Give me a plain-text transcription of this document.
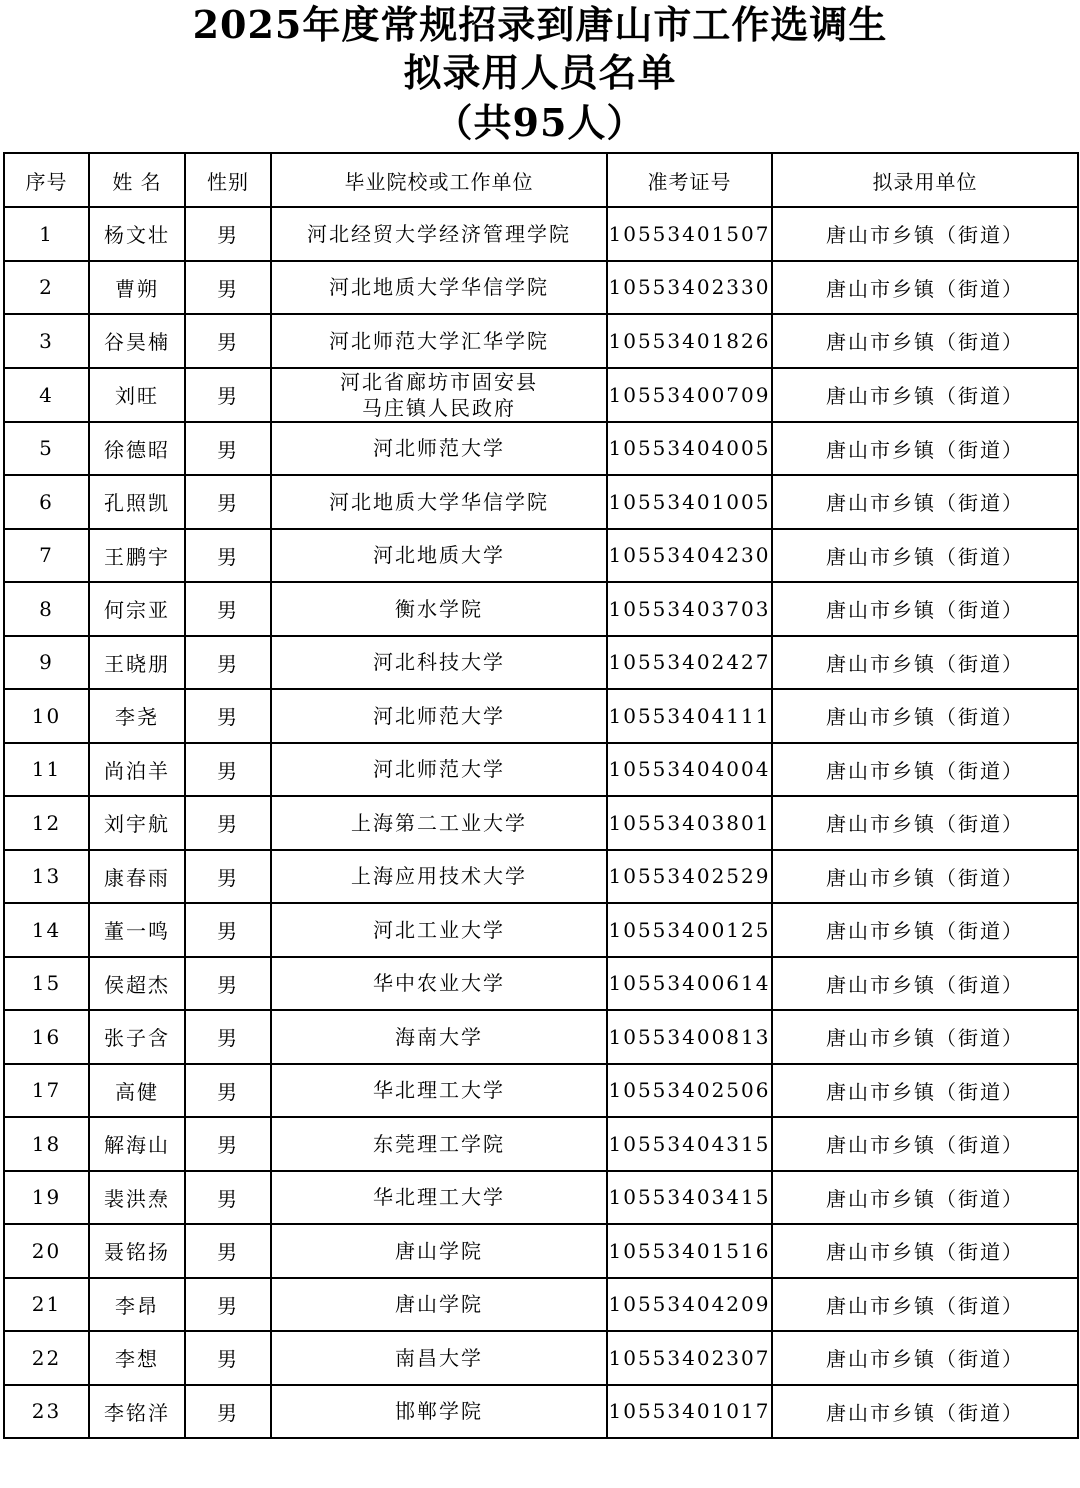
2025年度常规招录到唐山市工作选调生
拟录用人员名单
（共95人）
序号	姓 名	性别	毕业院校或工作单位	准考证号	拟录用单位
1	杨文壮	男	河北经贸大学经济管理学院	10553401507	唐山市乡镇（街道）
2	曹朔	男	河北地质大学华信学院	10553402330	唐山市乡镇（街道）
3	谷昊楠	男	河北师范大学汇华学院	10553401826	唐山市乡镇（街道）
4	刘旺	男	河北省廊坊市固安县
马庄镇人民政府	10553400709	唐山市乡镇（街道）
5	徐德昭	男	河北师范大学	10553404005	唐山市乡镇（街道）
6	孔照凯	男	河北地质大学华信学院	10553401005	唐山市乡镇（街道）
7	王鹏宇	男	河北地质大学	10553404230	唐山市乡镇（街道）
8	何宗亚	男	衡水学院	10553403703	唐山市乡镇（街道）
9	王晓朋	男	河北科技大学	10553402427	唐山市乡镇（街道）
10	李尧	男	河北师范大学	10553404111	唐山市乡镇（街道）
11	尚泊羊	男	河北师范大学	10553404004	唐山市乡镇（街道）
12	刘宇航	男	上海第二工业大学	10553403801	唐山市乡镇（街道）
13	康春雨	男	上海应用技术大学	10553402529	唐山市乡镇（街道）
14	董一鸣	男	河北工业大学	10553400125	唐山市乡镇（街道）
15	侯超杰	男	华中农业大学	10553400614	唐山市乡镇（街道）
16	张子含	男	海南大学	10553400813	唐山市乡镇（街道）
17	高健	男	华北理工大学	10553402506	唐山市乡镇（街道）
18	解海山	男	东莞理工学院	10553404315	唐山市乡镇（街道）
19	裴洪焘	男	华北理工大学	10553403415	唐山市乡镇（街道）
20	聂铭扬	男	唐山学院	10553401516	唐山市乡镇（街道）
21	李昂	男	唐山学院	10553404209	唐山市乡镇（街道）
22	李想	男	南昌大学	10553402307	唐山市乡镇（街道）
23	李铭洋	男	邯郸学院	10553401017	唐山市乡镇（街道）
